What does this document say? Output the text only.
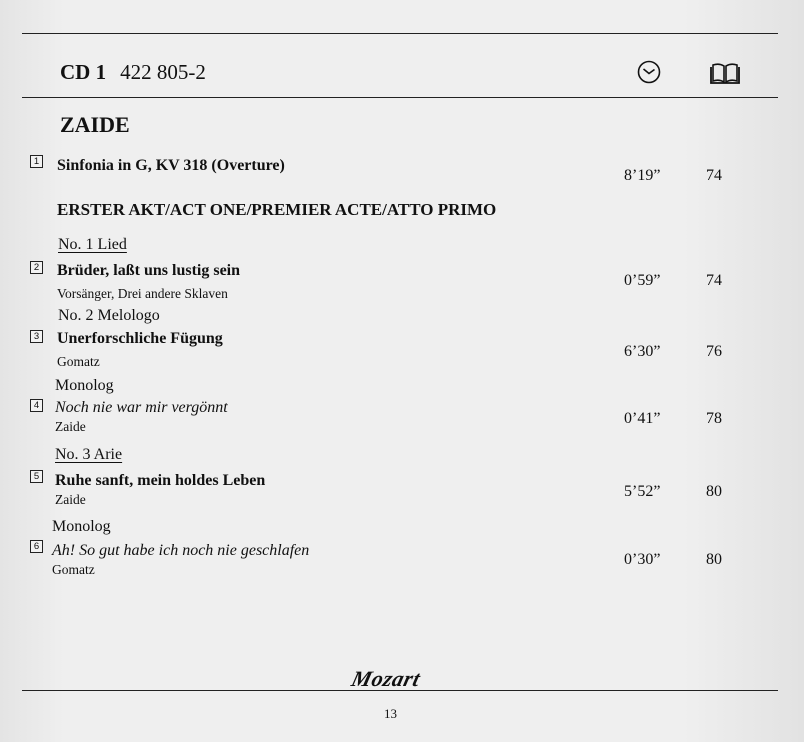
CD 1 422 805-2
ZAIDE
1 Sinfonia in G, KV 318 (Overture)
8’19”	74
ERSTER AKT/ACT ONE/PREMIER ACTE/ATTO PRIMO
No. 1 Lied
2 Brüder, laßt uns lustig sein
Vorsänger, Drei andere Sklaven
0’59”	74
No. 2 Melologo
3 Unerforschliche Fügung
Gomatz
6’30”	76
Monolog
4 Noch nie war mir vergönnt
Zaide	0’41”	78
No. 3 Arie
5 Ruhe sanft, mein holdes Leben
Zaide	5’52”	80
Monolog
6 Ah! So gut habe ich noch nie geschlafen
Gomatz
0’30”	80
Mozart
13
